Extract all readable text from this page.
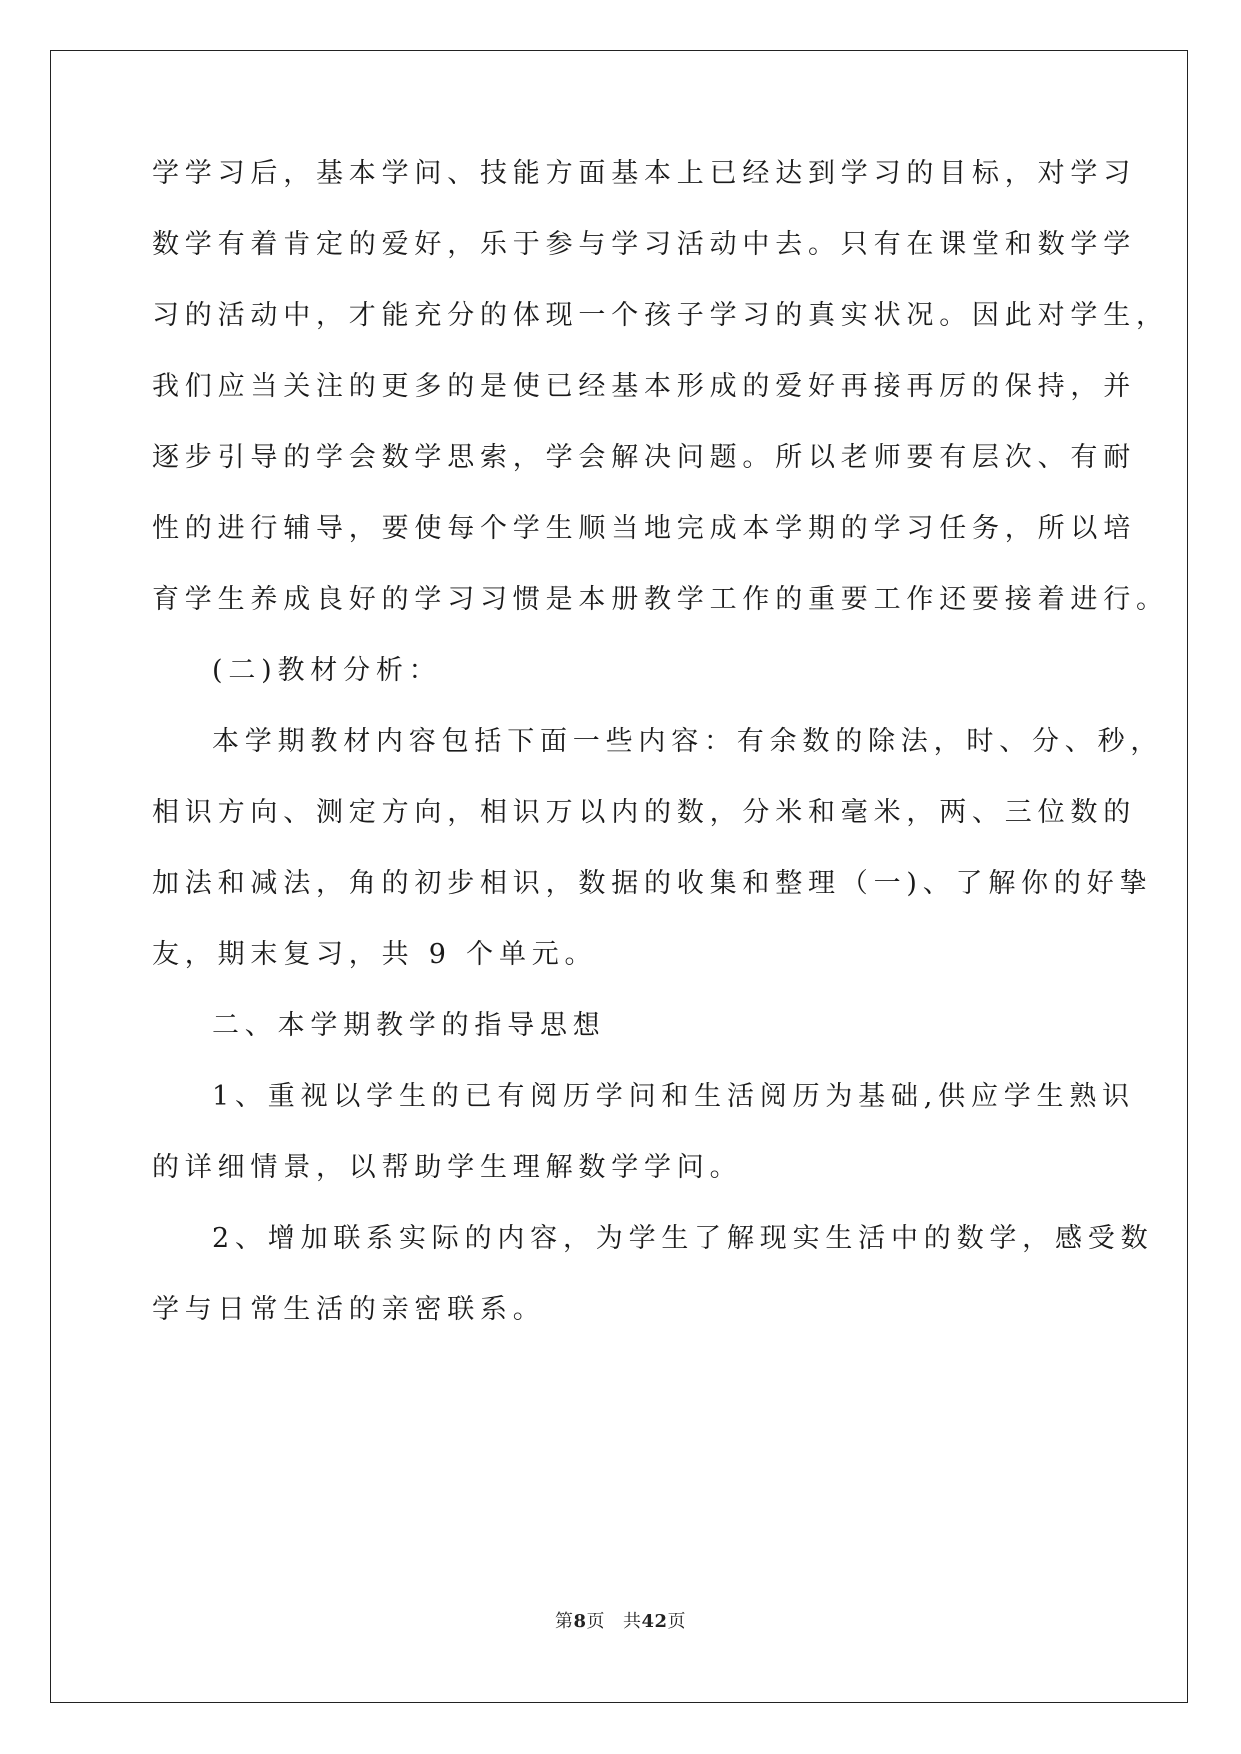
学学习后，基本学问、技能方面基本上已经达到学习的目标，对学习

数学有着肯定的爱好，乐于参与学习活动中去。只有在课堂和数学学

习的活动中，才能充分的体现一个孩子学习的真实状况。因此对学生，

我们应当关注的更多的是使已经基本形成的爱好再接再厉的保持，并

逐步引导的学会数学思索，学会解决问题。所以老师要有层次、有耐

性的进行辅导，要使每个学生顺当地完成本学期的学习任务，所以培

育学生养成良好的学习习惯是本册教学工作的重要工作还要接着进行。

(二)教材分析：

本学期教材内容包括下面一些内容：有余数的除法，时、分、秒，

相识方向、测定方向，相识万以内的数，分米和毫米，两、三位数的

加法和减法，角的初步相识，数据的收集和整理（一)、了解你的好挚

友，期末复习，共 9 个单元。

二、本学期教学的指导思想

1、重视以学生的已有阅历学问和生活阅历为基础,供应学生熟识

的详细情景，以帮助学生理解数学学问。

2、增加联系实际的内容，为学生了解现实生活中的数学，感受数

学与日常生活的亲密联系。

第8页 共42页
